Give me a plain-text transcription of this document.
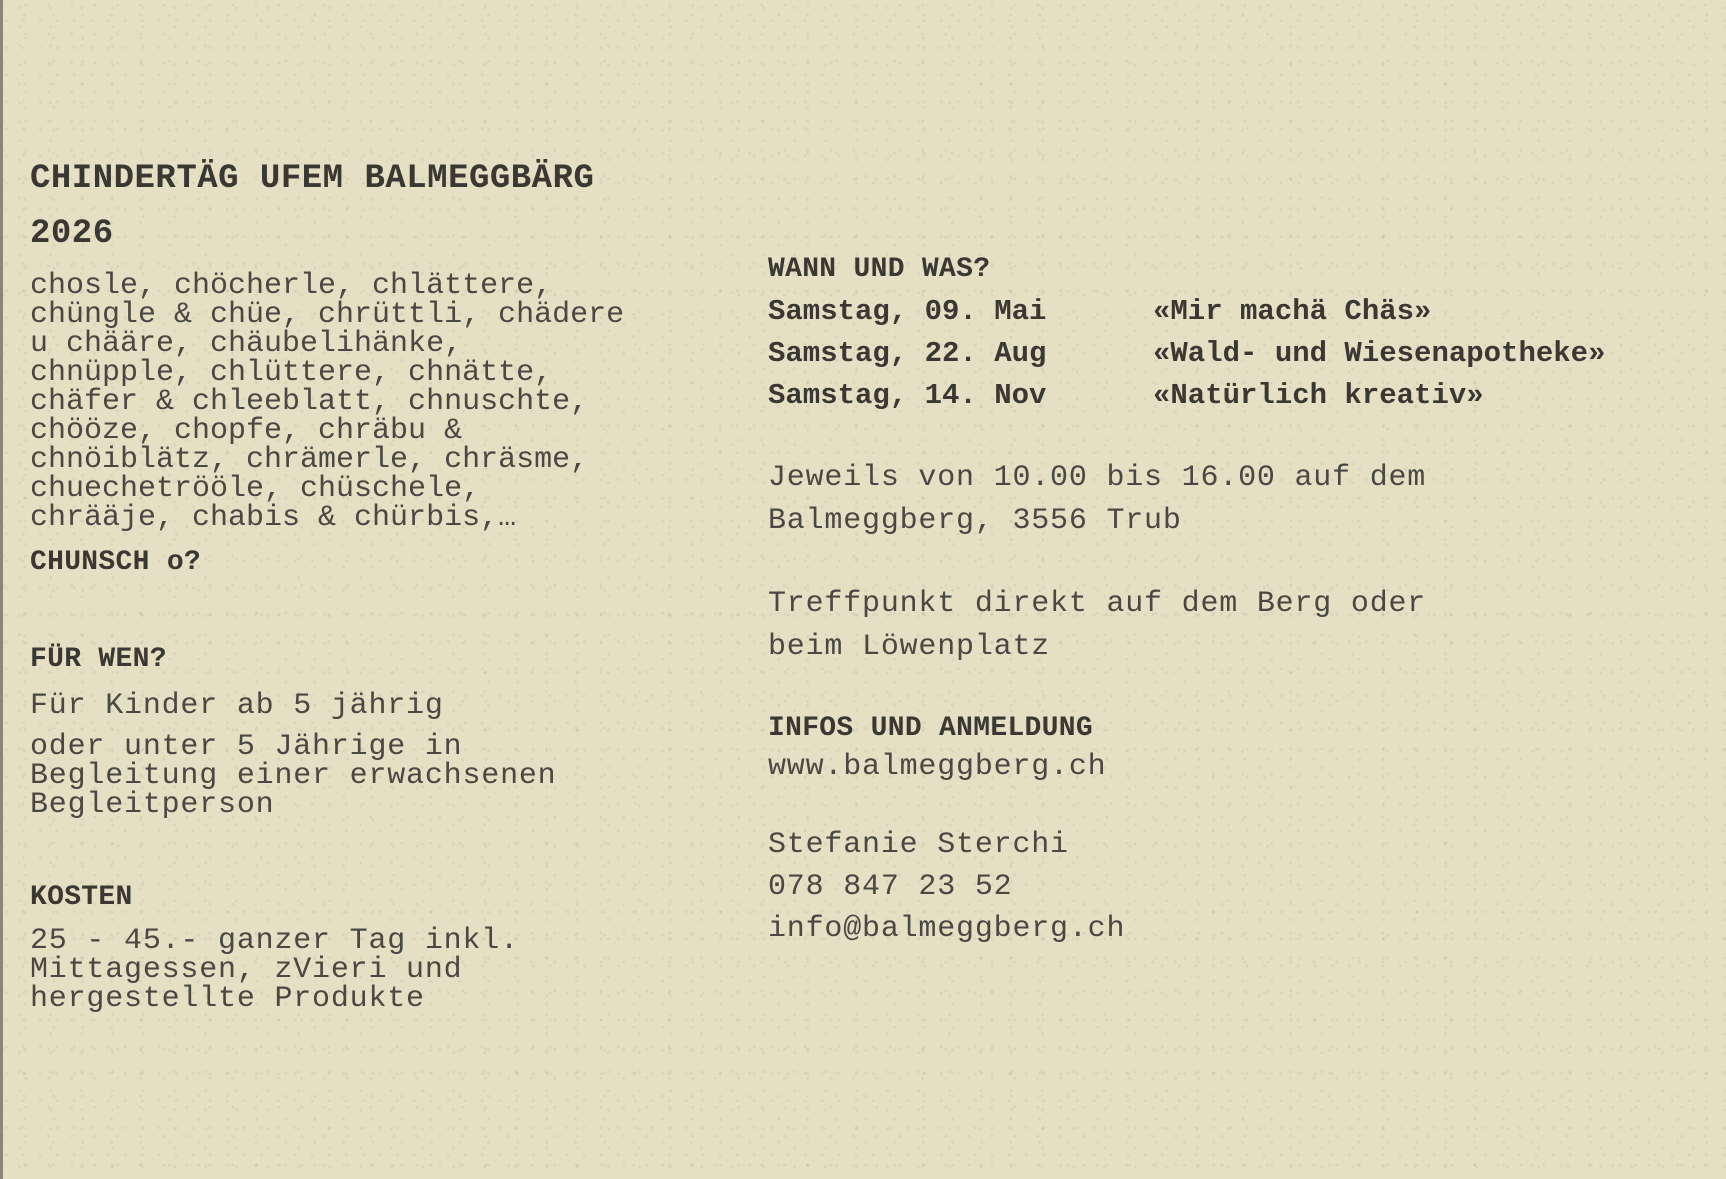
CHINDERTÄG UFEM BALMEGGBÄRG
2026
chosle, chöcherle, chlättere,
chüngle & chüe, chrüttli, chädere
u chääre, chäubelihänke,
chnüpple, chlüttere, chnätte,
chäfer & chleeblatt, chnuschte,
chööze, chopfe, chräbu &
chnöiblätz, chrämerle, chräsme,
chuechetrööle, chüschele,
chrääje, chabis & chürbis,…
CHUNSCH o?
FÜR WEN?
Für Kinder ab 5 jährig
oder unter 5 Jährige in
Begleitung einer erwachsenen
Begleitperson
KOSTEN
25 - 45.- ganzer Tag inkl.
Mittagessen, zVieri und
hergestellte Produkte
WANN UND WAS?
Samstag, 09. Mai	«Mir machä Chäs»
Samstag, 22. Aug	«Wald- und Wiesenapotheke»
Samstag, 14. Nov	«Natürlich kreativ»
Jeweils von 10.00 bis 16.00 auf dem
Balmeggberg, 3556 Trub
Treffpunkt direkt auf dem Berg oder
beim Löwenplatz
INFOS UND ANMELDUNG
www.balmeggberg.ch
Stefanie Sterchi
078 847 23 52
info@balmeggberg.ch
